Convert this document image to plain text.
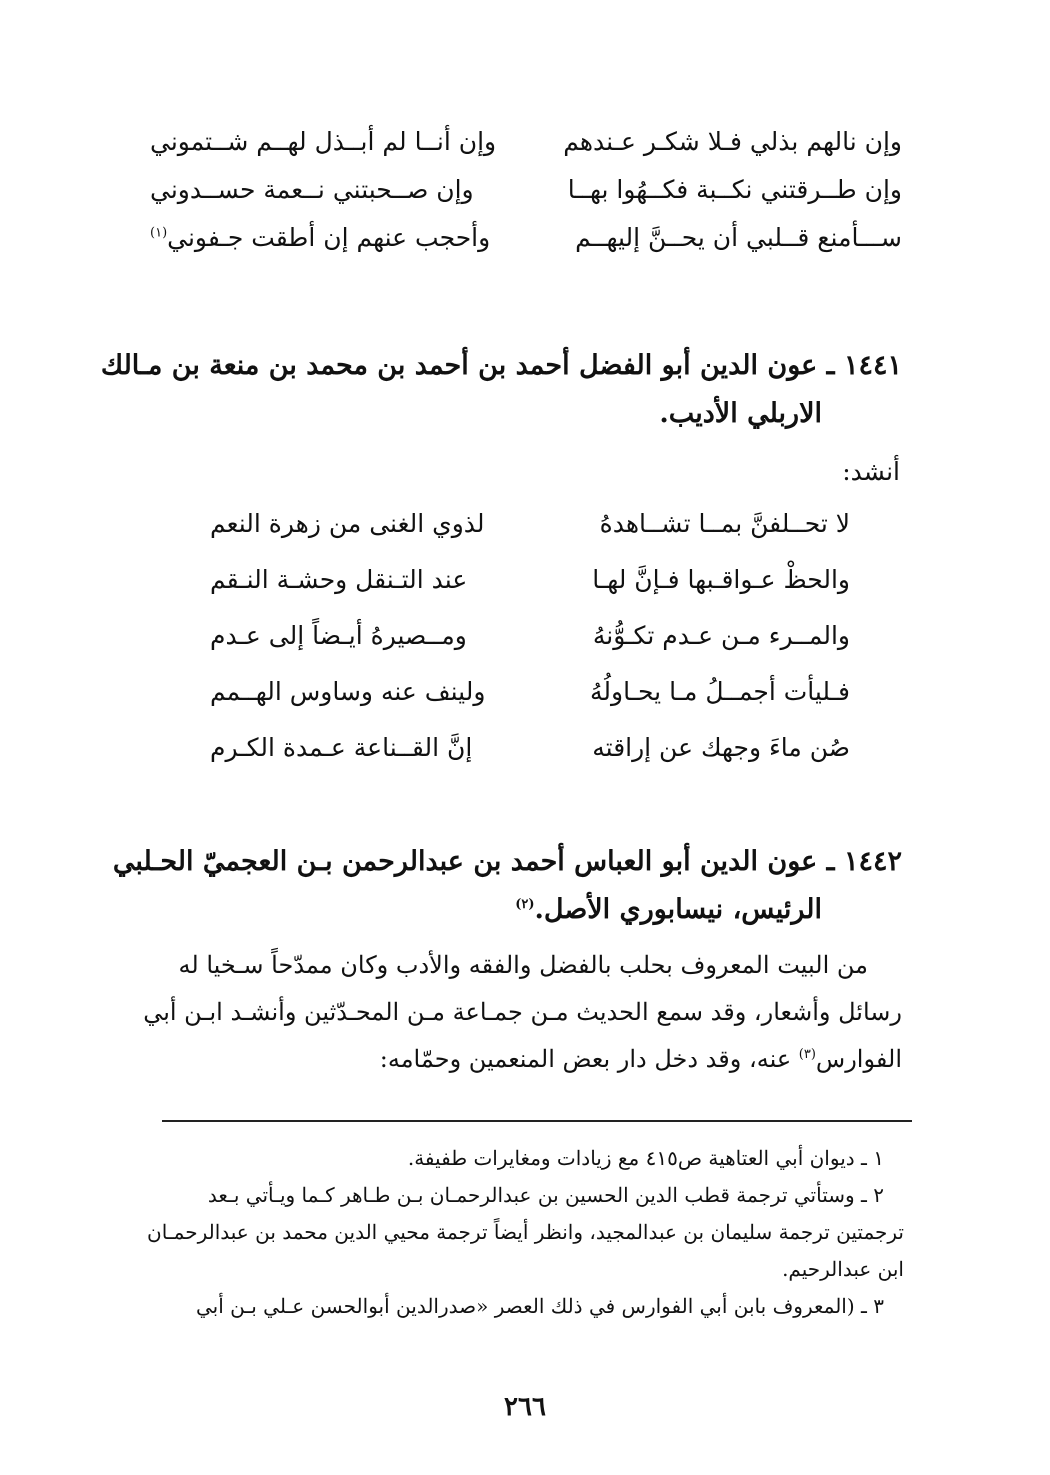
وإن نالهم بذلي فـلا شكـر عـندهم
وإن أنــا لم أبــذل لهــم شــتموني
وإن طــرقتني نكــبة فكــهُوا بهــا
وإن صــحبتني نــعمة حســدوني
ســـأمنع قــلبي أن يحــنَّ إليهــم
وأحجب عنهم إن أطقت جـفوني$^{(١)}$
١٤٤١ ـ عون الدين أبو الفضل أحمد بن أحمد بن محمد بن منعة بن مـالك
الاربلي الأديب.
أنشد:
لا تحــلفنَّ بمــا تشــاهدهُ
لذوي الغنى من زهرة النعم
والحظْ عـواقـبها فـإنَّ لهـا
عند التـنقل وحشـة النـقم
والمــرء مـن عـدم تكـوُّنهُ
ومــصيرهُ أيـضاً إلى عـدم
فـليأت أجمــلُ مـا يحـاولُهُ
ولينف عنه وساوس الهــمم
صُن ماءَ وجهك عن إراقته
إنَّ القــناعة عـمدة الكـرم
١٤٤٢ ـ عون الدين أبو العباس أحمد بن عبدالرحمن بـن العجميّ الحـلبي
الرئيس، نيسابوري الأصل.$^{(٢)}$
من البيت المعروف بحلب بالفضل والفقه والأدب وكان ممدّحاً سـخيا له
رسائل وأشعار، وقد سمع الحديث مـن جمـاعة مـن المحـدّثين وأنشـد ابـن أبي
الفوارس$^{(٣)}$ عنه، وقد دخل دار بعض المنعمين وحمّامه:
١ ـ ديوان أبي العتاهية ص٤١٥ مع زيادات ومغايرات طفيفة.
٢ ـ وستأتي ترجمة قطب الدين الحسين بن عبدالرحمـان بـن طـاهر كـما ويـأتي بـعد
ترجمتين ترجمة سليمان بن عبدالمجيد، وانظر أيضاً ترجمة محيي الدين محمد بن عبدالرحمـان
ابن عبدالرحيم.
٣ ـ (المعروف بابن أبي الفوارس في ذلك العصر «صدرالدين أبوالحسن عـلي بـن أبي
٢٦٦
